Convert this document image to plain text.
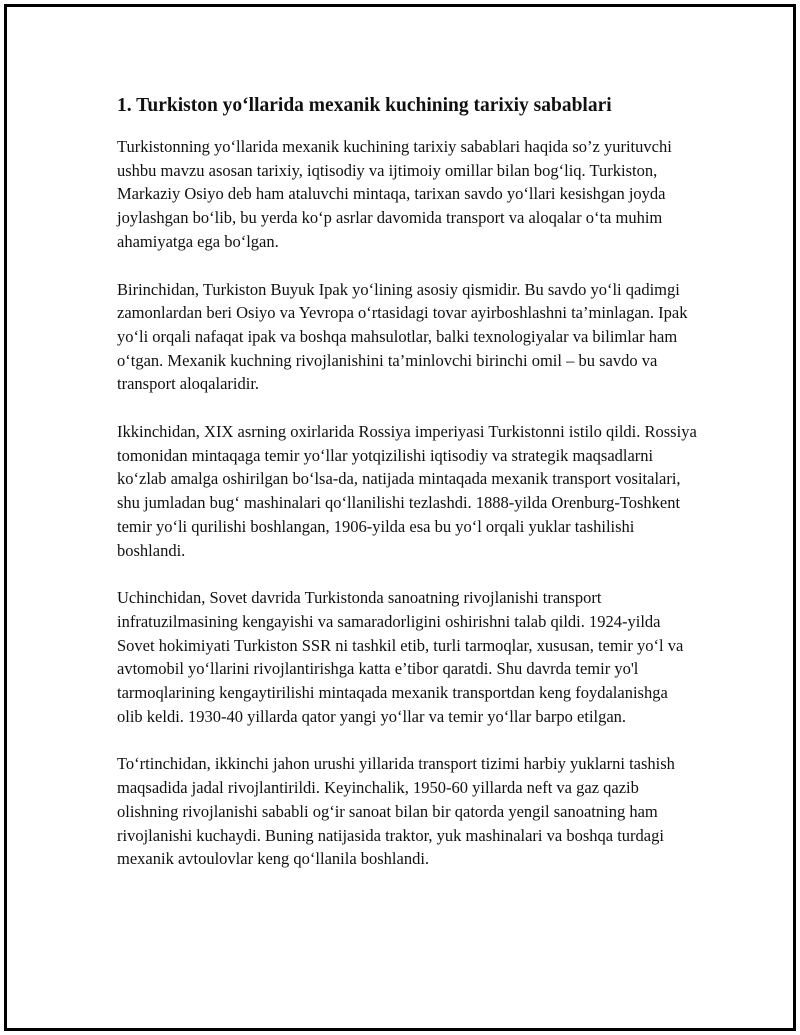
1. Turkiston yo‘llarida mexanik kuchining tarixiy sabablari

Turkistonning yo‘llarida mexanik kuchining tarixiy sabablari haqida so’z yurituvchi ushbu mavzu asosan tarixiy, iqtisodiy va ijtimoiy omillar bilan bog‘liq. Turkiston, Markaziy Osiyo deb ham ataluvchi mintaqa, tarixan savdo yo‘llari kesishgan joyda joylashgan bo‘lib, bu yerda ko‘p asrlar davomida transport va aloqalar o‘ta muhim ahamiyatga ega bo‘lgan.

Birinchidan, Turkiston Buyuk Ipak yo‘lining asosiy qismidir. Bu savdo yo‘li qadimgi zamonlardan beri Osiyo va Yevropa o‘rtasidagi tovar ayirboshlashni ta’minlagan. Ipak yo‘li orqali nafaqat ipak va boshqa mahsulotlar, balki texnologiyalar va bilimlar ham o‘tgan. Mexanik kuchning rivojlanishini ta’minlovchi birinchi omil – bu savdo va transport aloqalaridir.

Ikkinchidan, XIX asrning oxirlarida Rossiya imperiyasi Turkistonni istilo qildi. Rossiya tomonidan mintaqaga temir yo‘llar yotqizilishi iqtisodiy va strategik maqsadlarni ko‘zlab amalga oshirilgan bo‘lsa-da, natijada mintaqada mexanik transport vositalari, shu jumladan bug‘ mashinalari qo‘llanilishi tezlashdi. 1888-yilda Orenburg-Toshkent temir yo‘li qurilishi boshlangan, 1906-yilda esa bu yo‘l orqali yuklar tashilishi boshlandi.

Uchinchidan, Sovet davrida Turkistonda sanoatning rivojlanishi transport infratuzilmasining kengayishi va samaradorligini oshirishni talab qildi. 1924-yilda Sovet hokimiyati Turkiston SSR ni tashkil etib, turli tarmoqlar, xususan, temir yo‘l va avtomobil yo‘llarini rivojlantirishga katta e’tibor qaratdi. Shu davrda temir yo'l tarmoqlarining kengaytirilishi mintaqada mexanik transportdan keng foydalanishga olib keldi. 1930-40 yillarda qator yangi yo‘llar va temir yo‘llar barpo etilgan.

To‘rtinchidan, ikkinchi jahon urushi yillarida transport tizimi harbiy yuklarni tashish maqsadida jadal rivojlantirildi. Keyinchalik, 1950-60 yillarda neft va gaz qazib olishning rivojlanishi sababli og‘ir sanoat bilan bir qatorda yengil sanoatning ham rivojlanishi kuchaydi. Buning natijasida traktor, yuk mashinalari va boshqa turdagi mexanik avtoulovlar keng qo‘llanila boshlandi.
